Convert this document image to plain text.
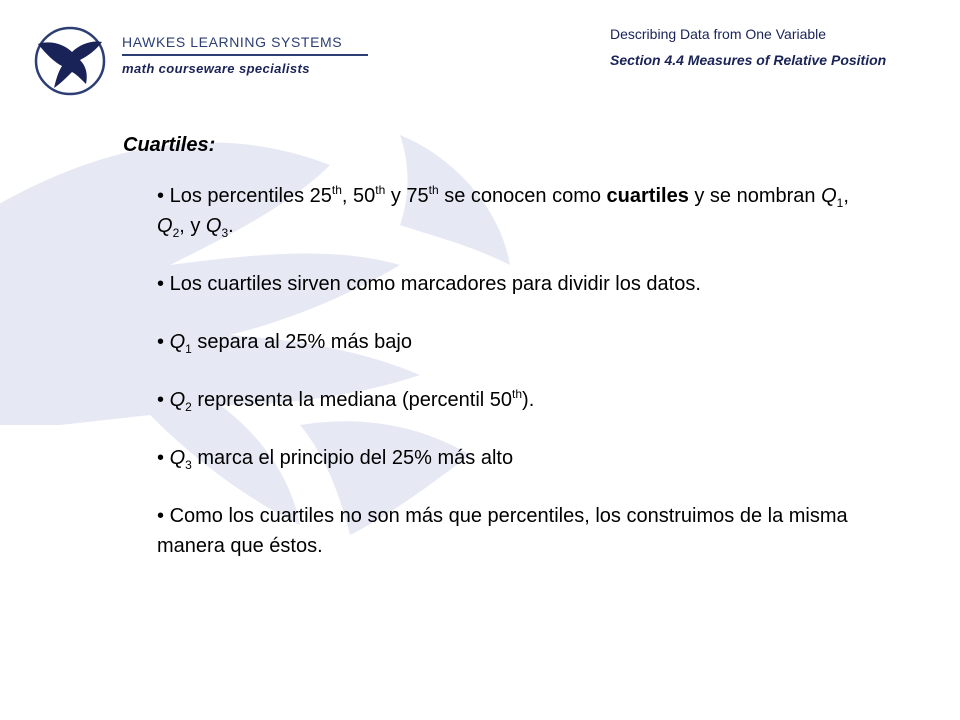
HAWKES LEARNING SYSTEMS
math courseware specialists
Describing Data from One Variable
Section 4.4 Measures of Relative Position
Cuartiles:
• Los percentiles 25th, 50th y 75th se conocen como cuartiles y se nombran $Q_1$, $Q_2$, y $Q_3$.
• Los cuartiles sirven como marcadores para dividir los datos.
• $Q_1$ separa al 25% más bajo
• $Q_2$ representa la mediana (percentil 50th).
• $Q_3$ marca el principio del 25% más alto
• Como los cuartiles no son más que percentiles, los construimos de la misma manera que éstos.
